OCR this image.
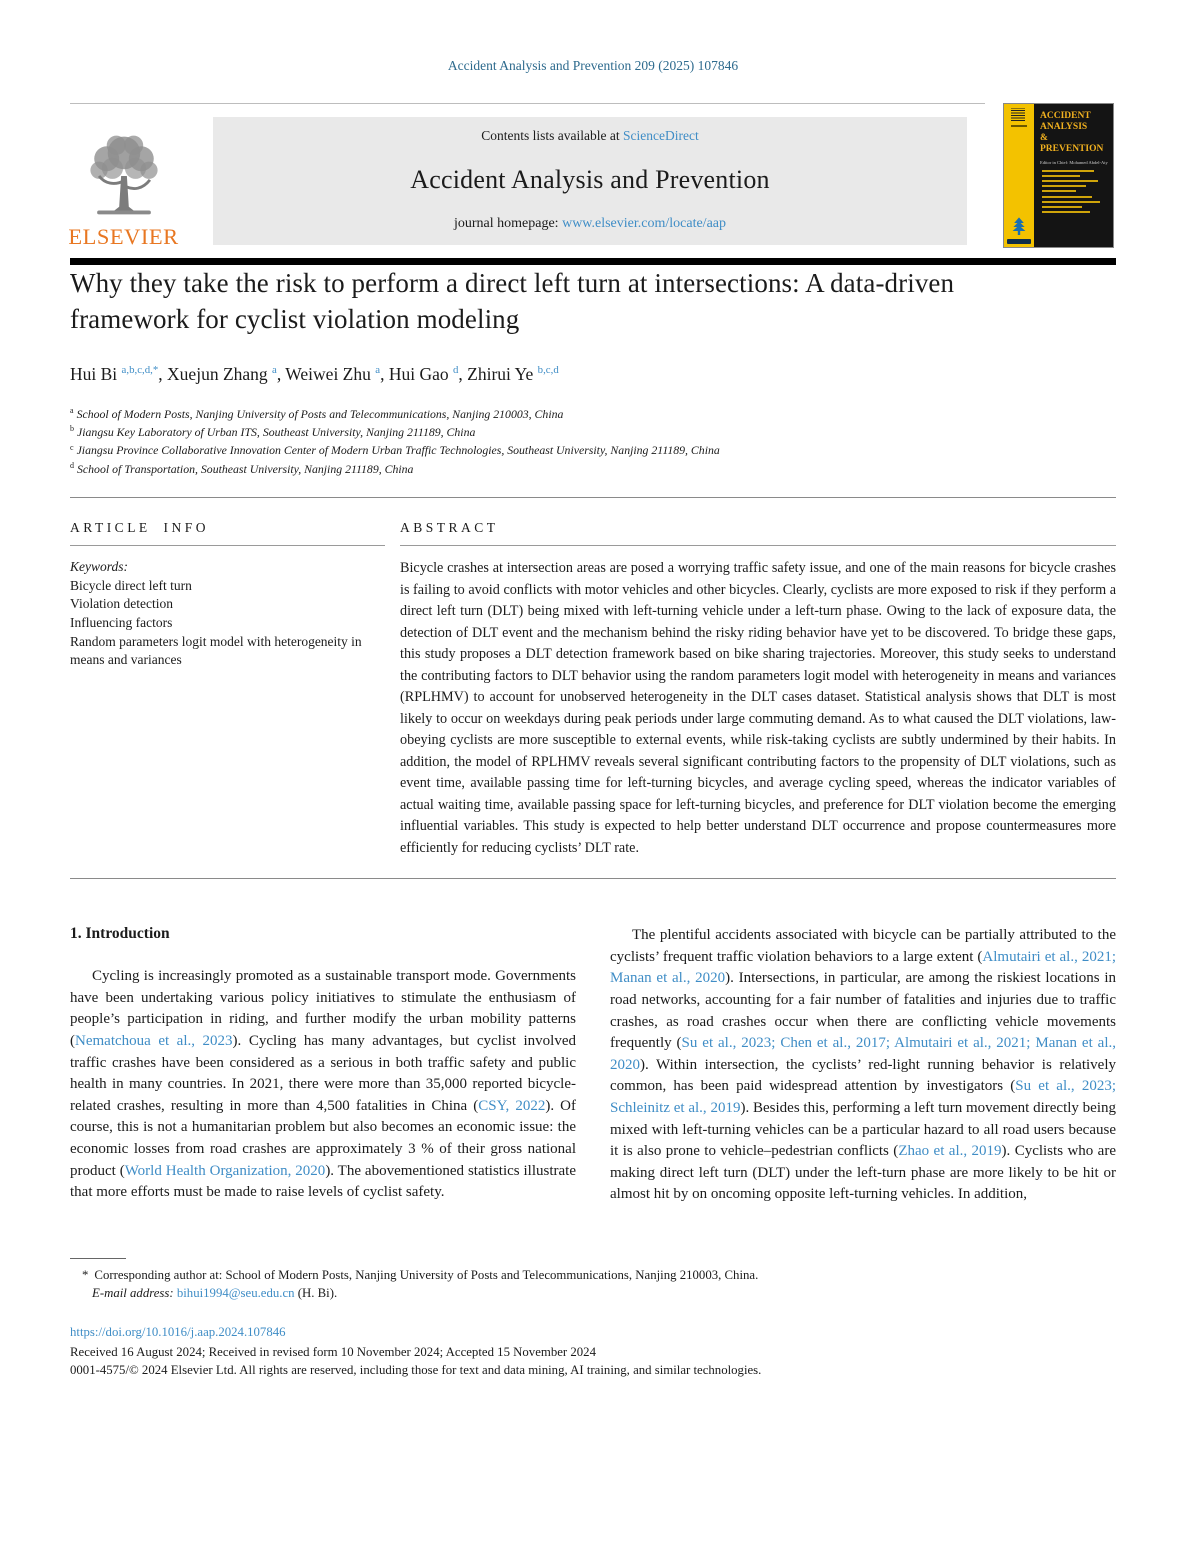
Accident Analysis and Prevention 209 (2025) 107846
ELSEVIER
Contents lists available at ScienceDirect
Accident Analysis and Prevention
journal homepage: www.elsevier.com/locate/aap
ACCIDENT
ANALYSIS
&
PREVENTION
Editor in Chief: Mohamed Abdel-Aty
Why they take the risk to perform a direct left turn at intersections: A data-driven framework for cyclist violation modeling
Hui Bi $^{a,b,c,d,*}$, Xuejun Zhang $^a$, Weiwei Zhu $^a$, Hui Gao $^d$, Zhirui Ye $^{b,c,d}$
$^a$ School of Modern Posts, Nanjing University of Posts and Telecommunications, Nanjing 210003, China
$^b$ Jiangsu Key Laboratory of Urban ITS, Southeast University, Nanjing 211189, China
$^c$ Jiangsu Province Collaborative Innovation Center of Modern Urban Traffic Technologies, Southeast University, Nanjing 211189, China
$^d$ School of Transportation, Southeast University, Nanjing 211189, China
ARTICLE INFO
Keywords:
Bicycle direct left turn
Violation detection
Influencing factors
Random parameters logit model with heterogeneity in means and variances
ABSTRACT
Bicycle crashes at intersection areas are posed a worrying traffic safety issue, and one of the main reasons for bicycle crashes is failing to avoid conflicts with motor vehicles and other bicycles. Clearly, cyclists are more exposed to risk if they perform a direct left turn (DLT) being mixed with left-turning vehicle under a left-turn phase. Owing to the lack of exposure data, the detection of DLT event and the mechanism behind the risky riding behavior have yet to be discovered. To bridge these gaps, this study proposes a DLT detection framework based on bike sharing trajectories. Moreover, this study seeks to understand the contributing factors to DLT behavior using the random parameters logit model with heterogeneity in means and variances (RPLHMV) to account for unobserved heterogeneity in the DLT cases dataset. Statistical analysis shows that DLT is most likely to occur on weekdays during peak periods under large commuting demand. As to what caused the DLT violations, law-obeying cyclists are more susceptible to external events, while risk-taking cyclists are subtly undermined by their habits. In addition, the model of RPLHMV reveals several significant contributing factors to the propensity of DLT violations, such as event time, available passing time for left-turning bicycles, and average cycling speed, whereas the indicator variables of actual waiting time, available passing space for left-turning bicycles, and preference for DLT violation become the emerging influential variables. This study is expected to help better understand DLT occurrence and propose countermeasures more efficiently for reducing cyclists’ DLT rate.
1. Introduction

Cycling is increasingly promoted as a sustainable transport mode. Governments have been undertaking various policy initiatives to stimulate the enthusiasm of people’s participation in riding, and further modify the urban mobility patterns (Nematchoua et al., 2023). Cycling has many advantages, but cyclist involved traffic crashes have been considered as a serious in both traffic safety and public health in many countries. In 2021, there were more than 35,000 reported bicycle-related crashes, resulting in more than 4,500 fatalities in China (CSY, 2022). Of course, this is not a humanitarian problem but also becomes an economic issue: the economic losses from road crashes are approximately 3 % of their gross national product (World Health Organization, 2020). The abovementioned statistics illustrate that more efforts must be made to raise levels of cyclist safety.

The plentiful accidents associated with bicycle can be partially attributed to the cyclists’ frequent traffic violation behaviors to a large extent (Almutairi et al., 2021; Manan et al., 2020). Intersections, in particular, are among the riskiest locations in road networks, accounting for a fair number of fatalities and injuries due to traffic crashes, as road crashes occur when there are conflicting vehicle movements frequently (Su et al., 2023; Chen et al., 2017; Almutairi et al., 2021; Manan et al., 2020). Within intersection, the cyclists’ red-light running behavior is relatively common, has been paid widespread attention by investigators (Su et al., 2023; Schleinitz et al., 2019). Besides this, performing a left turn movement directly being mixed with left-turning vehicles can be a particular hazard to all road users because it is also prone to vehicle–pedestrian conflicts (Zhao et al., 2019). Cyclists who are making direct left turn (DLT) under the left-turn phase are more likely to be hit or almost hit by on oncoming opposite left-turning vehicles. In addition,

* Corresponding author at: School of Modern Posts, Nanjing University of Posts and Telecommunications, Nanjing 210003, China.
E-mail address: bihui1994@seu.edu.cn (H. Bi).
https://doi.org/10.1016/j.aap.2024.107846
Received 16 August 2024; Received in revised form 10 November 2024; Accepted 15 November 2024
0001-4575/© 2024 Elsevier Ltd. All rights are reserved, including those for text and data mining, AI training, and similar technologies.
